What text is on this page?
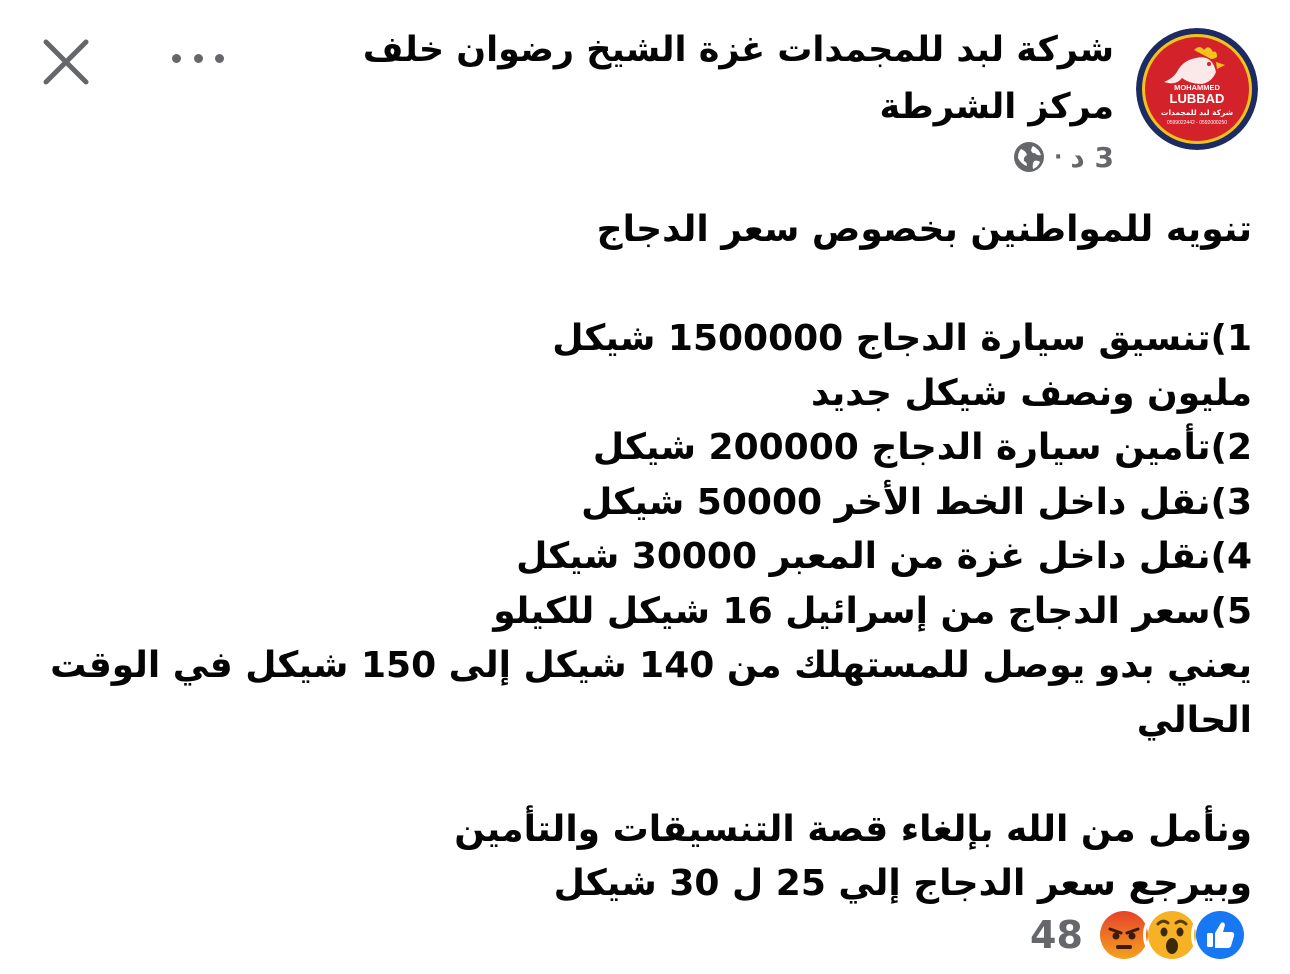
شركة لبد للمجمدات غزة الشيخ رضوان خلف
مركز الشرطة	MOHAMMED
LUBBAD
شركة لبد للمجمدات
0599022442 - 0592000250
3 د
·
تنويه للمواطنين بخصوص سعر الدجاج
1)تنسيق سيارة الدجاج 1500000 شيكل
مليون ونصف شيكل جديد
2)تأمين سيارة الدجاج 200000 شيكل
3)نقل داخل الخط الأخر 50000 شيكل
4)نقل داخل غزة من المعبر 30000 شيكل
5)سعر الدجاج من إسرائيل 16 شيكل للكيلو
يعني بدو يوصل للمستهلك من 140 شيكل إلى 150 شيكل في الوقت
الحالي
ونأمل من الله بإلغاء قصة التنسيقات والتأمين
وبيرجع سعر الدجاج إلي 25 ل 30 شيكل
48
